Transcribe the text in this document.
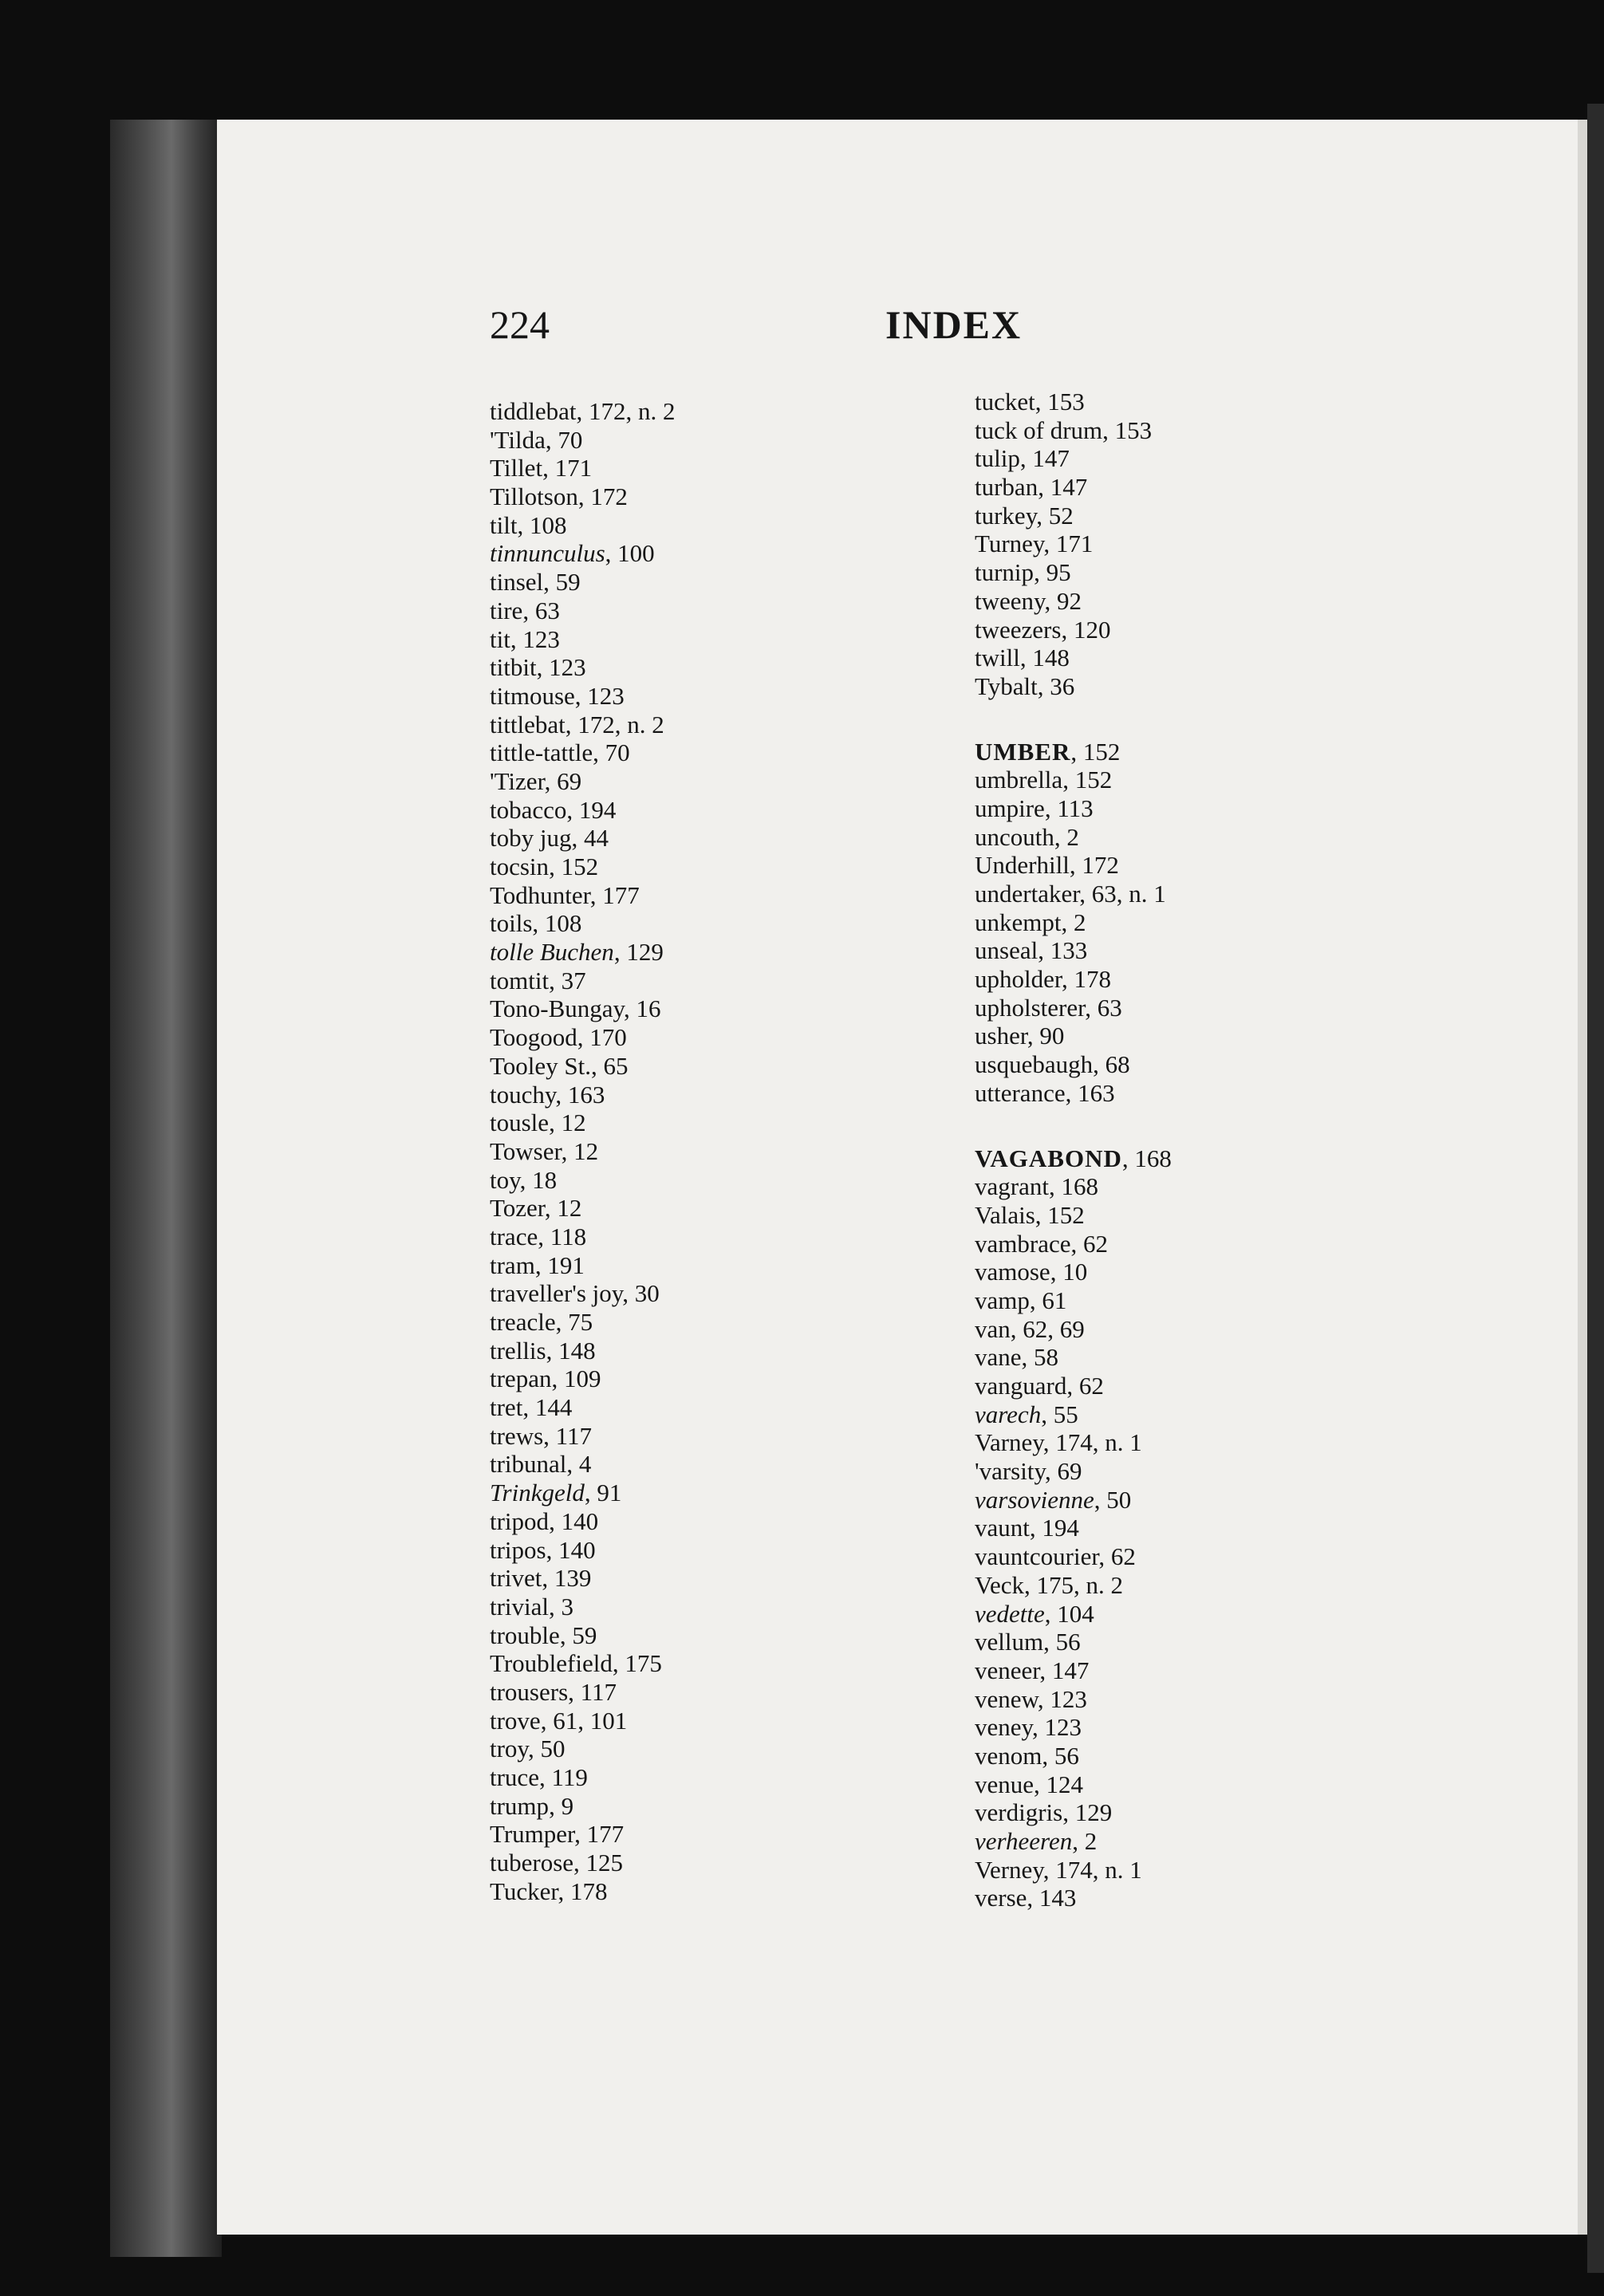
224	INDEX
tiddlebat, 172, n. 2
'Tilda, 70
Tillet, 171
Tillotson, 172
tilt, 108
tinnunculus, 100
tinsel, 59
tire, 63
tit, 123
titbit, 123
titmouse, 123
tittlebat, 172, n. 2
tittle-tattle, 70
'Tizer, 69
tobacco, 194
toby jug, 44
tocsin, 152
Todhunter, 177
toils, 108
tolle Buchen, 129
tomtit, 37
Tono-Bungay, 16
Toogood, 170
Tooley St., 65
touchy, 163
tousle, 12
Towser, 12
toy, 18
Tozer, 12
trace, 118
tram, 191
traveller's joy, 30
treacle, 75
trellis, 148
trepan, 109
tret, 144
trews, 117
tribunal, 4
Trinkgeld, 91
tripod, 140
tripos, 140
trivet, 139
trivial, 3
trouble, 59
Troublefield, 175
trousers, 117
trove, 61, 101
troy, 50
truce, 119
trump, 9
Trumper, 177
tuberose, 125
Tucker, 178
tucket, 153
tuck of drum, 153
tulip, 147
turban, 147
turkey, 52
Turney, 171
turnip, 95
tweeny, 92
tweezers, 120
twill, 148
Tybalt, 36
UMBER, 152
umbrella, 152
umpire, 113
uncouth, 2
Underhill, 172
undertaker, 63, n. 1
unkempt, 2
unseal, 133
upholder, 178
upholsterer, 63
usher, 90
usquebaugh, 68
utterance, 163
VAGABOND, 168
vagrant, 168
Valais, 152
vambrace, 62
vamose, 10
vamp, 61
van, 62, 69
vane, 58
vanguard, 62
varech, 55
Varney, 174, n. 1
'varsity, 69
varsovienne, 50
vaunt, 194
vauntcourier, 62
Veck, 175, n. 2
vedette, 104
vellum, 56
veneer, 147
venew, 123
veney, 123
venom, 56
venue, 124
verdigris, 129
verheeren, 2
Verney, 174, n. 1
verse, 143
